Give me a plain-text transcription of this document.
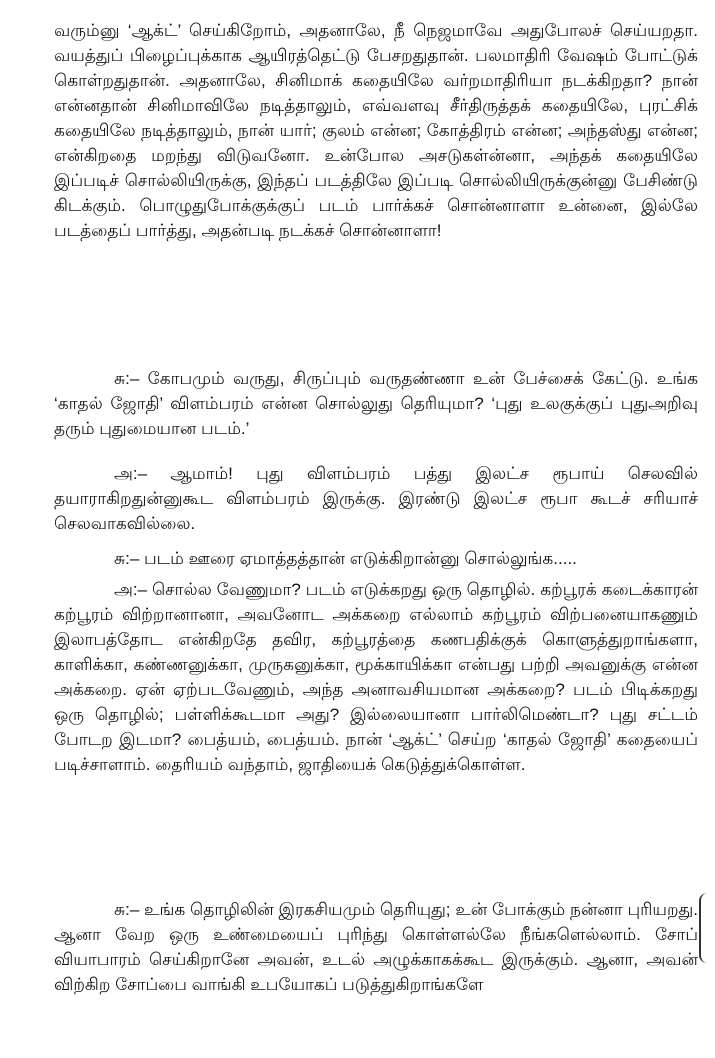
வரும்னு ‘ஆக்ட்’ செய்கிறோம், அதனாலே, நீ நெஜமாவே அதுபோலச் செய்யறதா. வயத்துப் பிழைப்புக்காக ஆயிரத்தெட்டு பேசறதுதான். பலமாதிரி வேஷம் போட்டுக் கொள்றதுதான். அதனாலே, சினிமாக் கதையிலே வர்றமாதிரியா நடக்கிறதா? நான் என்னதான் சினிமாவிலே நடித்தாலும், எவ்வளவு சீர்திருத்தக் கதையிலே, புரட்சிக் கதையிலே நடித்தாலும், நான் யார்; குலம் என்ன; கோத்திரம் என்ன; அந்தஸ்து என்ன; என்கிறதை மறந்து விடுவனோ. உன்போல அசடுகள்ன்னா, அந்தக் கதையிலே இப்படிச் சொல்லியிருக்கு, இந்தப் படத்திலே இப்படி சொல்லியிருக்குன்னு பேசிண்டு கிடக்கும். பொழுதுபோக்குக்குப் படம் பார்க்கச் சொன்னாளா உன்னை, இல்லே படத்தைப் பார்த்து, அதன்படி நடக்கச் சொன்னாளா!

சு:– கோபமும் வருது, சிருப்பும் வருதண்ணா உன் பேச்சைக் கேட்டு. உங்க ‘காதல் ஜோதி’ விளம்பரம் என்ன சொல்லுது தெரியுமா? ‘புது உலகுக்குப் புதுஅறிவு தரும் புதுமையான படம்.’

அ:– ஆமாம்! புது விளம்பரம் பத்து இலட்ச ரூபாய் செலவில் தயாராகிறதுன்னுகூட விளம்பரம் இருக்கு. இரண்டு இலட்ச ரூபா கூடச் சரியாச் செலவாகவில்லை.

சு:– படம் ஊரை ஏமாத்தத்தான் எடுக்கிறான்னு சொல்லுங்க.....

அ:– சொல்ல வேணுமா? படம் எடுக்கறது ஒரு தொழில். கற்பூரக் கடைக்காரன் கற்பூரம் விற்றானானா, அவனோட அக்கறை எல்லாம் கற்பூரம் விற்பனையாகணும் இலாபத்தோட என்கிறதே தவிர, கற்பூரத்தை கணபதிக்குக் கொளுத்துறாங்களா, காளிக்கா, கண்ணனுக்கா, முருகனுக்கா, மூக்காயிக்கா என்பது பற்றி அவனுக்கு என்ன அக்கறை. ஏன் ஏற்படவேணும், அந்த அனாவசியமான அக்கறை? படம் பிடிக்கறது ஒரு தொழில்; பள்ளிக்கூடமா அது? இல்லையானா பார்லிமெண்டா? புது சட்டம் போடற இடமா? பைத்யம், பைத்யம். நான் ‘ஆக்ட்’ செய்ற ‘காதல் ஜோதி’ கதையைப் படிச்சாளாம். தைரியம் வந்தாம், ஜாதியைக் கெடுத்துக்கொள்ள.

சு:– உங்க தொழிலின் இரகசியமும் தெரியுது; உன் போக்கும் நன்னா புரியறது. ஆனா வேற ஒரு உண்மையைப் புரிந்து கொள்ளல்லே நீங்களெல்லாம். சோப் வியாபாரம் செய்கிறானே அவன், உடல் அழுக்காகக்கூட இருக்கும். ஆனா, அவன் விற்கிற சோப்பை வாங்கி உபயோகப் படுத்துகிறாங்களே
